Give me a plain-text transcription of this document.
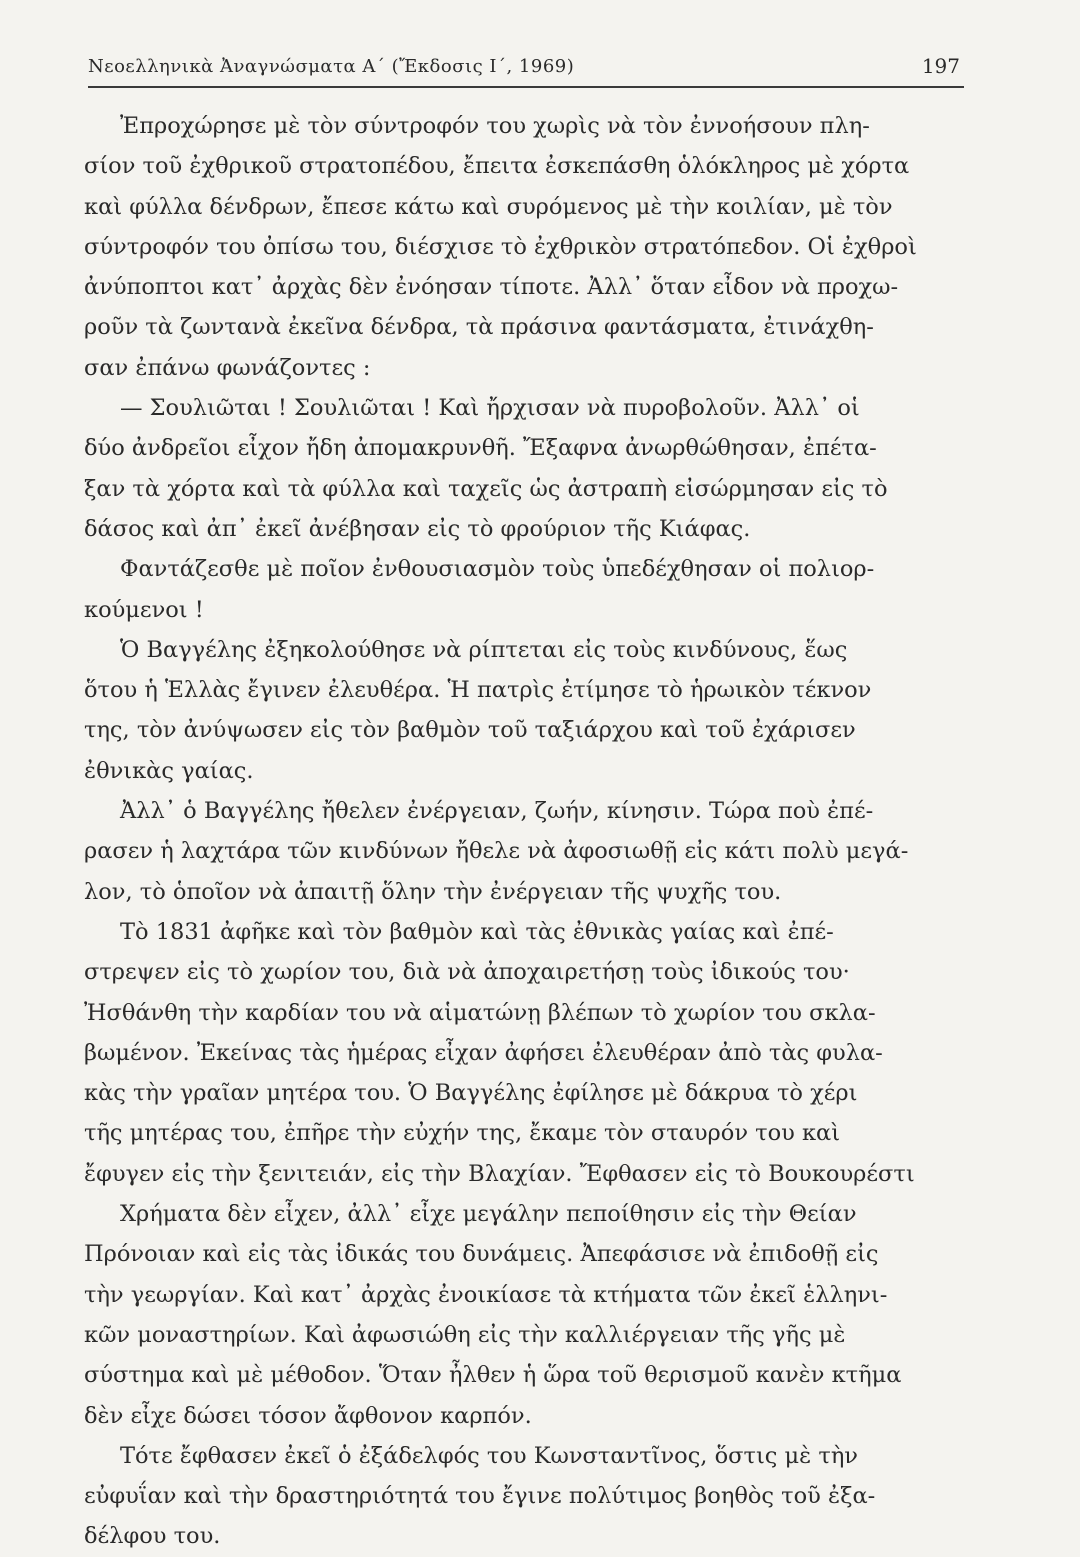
Νεοελληνικὰ Ἀναγνώσματα Α΄ (Ἔκδοσις Ι΄, 1969)	197
Ἐπροχώρησε μὲ τὸν σύντροφόν του χωρὶς νὰ τὸν ἐννοήσουν πλη-
σίον τοῦ ἐχθρικοῦ στρατοπέδου, ἔπειτα ἐσκεπάσθη ὁλόκληρος μὲ χόρτα
καὶ φύλλα δένδρων, ἔπεσε κάτω καὶ συρόμενος μὲ τὴν κοιλίαν, μὲ τὸν
σύντροφόν του ὀπίσω του, διέσχισε τὸ ἐχθρικὸν στρατόπεδον. Οἱ ἐχθροὶ
ἀνύποπτοι κατ᾿ ἀρχὰς δὲν ἐνόησαν τίποτε. Ἀλλ᾿ ὅταν εἶδον νὰ προχω-
ροῦν τὰ ζωντανὰ ἐκεῖνα δένδρα, τὰ πράσινα φαντάσματα, ἐτινάχθη-
σαν ἐπάνω φωνάζοντες :
— Σουλιῶται ! Σουλιῶται ! Καὶ ἤρχισαν νὰ πυροβολοῦν. Ἀλλ᾿ οἱ
δύο ἀνδρεῖοι εἶχον ἤδη ἀπομακρυνθῆ. Ἔξαφνα ἀνωρθώθησαν, ἐπέτα-
ξαν τὰ χόρτα καὶ τὰ φύλλα καὶ ταχεῖς ὡς ἀστραπὴ εἰσώρμησαν εἰς τὸ
δάσος καὶ ἀπ᾿ ἐκεῖ ἀνέβησαν εἰς τὸ φρούριον τῆς Κιάφας.
Φαντάζεσθε μὲ ποῖον ἐνθουσιασμὸν τοὺς ὑπεδέχθησαν οἱ πολιορ-
κούμενοι !
Ὁ Βαγγέλης ἐξηκολούθησε νὰ ρίπτεται εἰς τοὺς κινδύνους, ἕως
ὅτου ἡ Ἑλλὰς ἔγινεν ἐλευθέρα. Ἡ πατρὶς ἐτίμησε τὸ ἡρωικὸν τέκνον
της, τὸν ἀνύψωσεν εἰς τὸν βαθμὸν τοῦ ταξιάρχου καὶ τοῦ ἐχάρισεν
ἐθνικὰς γαίας.
Ἀλλ᾿ ὁ Βαγγέλης ἤθελεν ἐνέργειαν, ζωήν, κίνησιν. Τώρα ποὺ ἐπέ-
ρασεν ἡ λαχτάρα τῶν κινδύνων ἤθελε νὰ ἀφοσιωθῇ εἰς κάτι πολὺ μεγά-
λον, τὸ ὁποῖον νὰ ἀπαιτῇ ὅλην τὴν ἐνέργειαν τῆς ψυχῆς του.
Τὸ 1831 ἀφῆκε καὶ τὸν βαθμὸν καὶ τὰς ἐθνικὰς γαίας καὶ ἐπέ-
στρεψεν εἰς τὸ χωρίον του, διὰ νὰ ἀποχαιρετήσῃ τοὺς ἰδικούς του·
Ἠσθάνθη τὴν καρδίαν του νὰ αἱματώνῃ βλέπων τὸ χωρίον του σκλα-
βωμένον. Ἐκείνας τὰς ἡμέρας εἶχαν ἀφήσει ἐλευθέραν ἀπὸ τὰς φυλα-
κὰς τὴν γραῖαν μητέρα του. Ὁ Βαγγέλης ἐφίλησε μὲ δάκρυα τὸ χέρι
τῆς μητέρας του, ἐπῆρε τὴν εὐχήν της, ἔκαμε τὸν σταυρόν του καὶ
ἔφυγεν εἰς τὴν ξενιτειάν, εἰς τὴν Βλαχίαν. Ἔφθασεν εἰς τὸ Βουκουρέστι
Χρήματα δὲν εἶχεν, ἀλλ᾿ εἶχε μεγάλην πεποίθησιν εἰς τὴν Θείαν
Πρόνοιαν καὶ εἰς τὰς ἰδικάς του δυνάμεις. Ἀπεφάσισε νὰ ἐπιδοθῇ εἰς
τὴν γεωργίαν. Καὶ κατ᾿ ἀρχὰς ἐνοικίασε τὰ κτήματα τῶν ἐκεῖ ἑλληνι-
κῶν μοναστηρίων. Καὶ ἀφωσιώθη εἰς τὴν καλλιέργειαν τῆς γῆς μὲ
σύστημα καὶ μὲ μέθοδον. Ὅταν ἦλθεν ἡ ὥρα τοῦ θερισμοῦ κανὲν κτῆμα
δὲν εἶχε δώσει τόσον ἄφθονον καρπόν.
Τότε ἔφθασεν ἐκεῖ ὁ ἐξάδελφός του Κωνσταντῖνος, ὅστις μὲ τὴν
εὐφυΐαν καὶ τὴν δραστηριότητά του ἔγινε πολύτιμος βοηθὸς τοῦ ἐξα-
δέλφου του.
